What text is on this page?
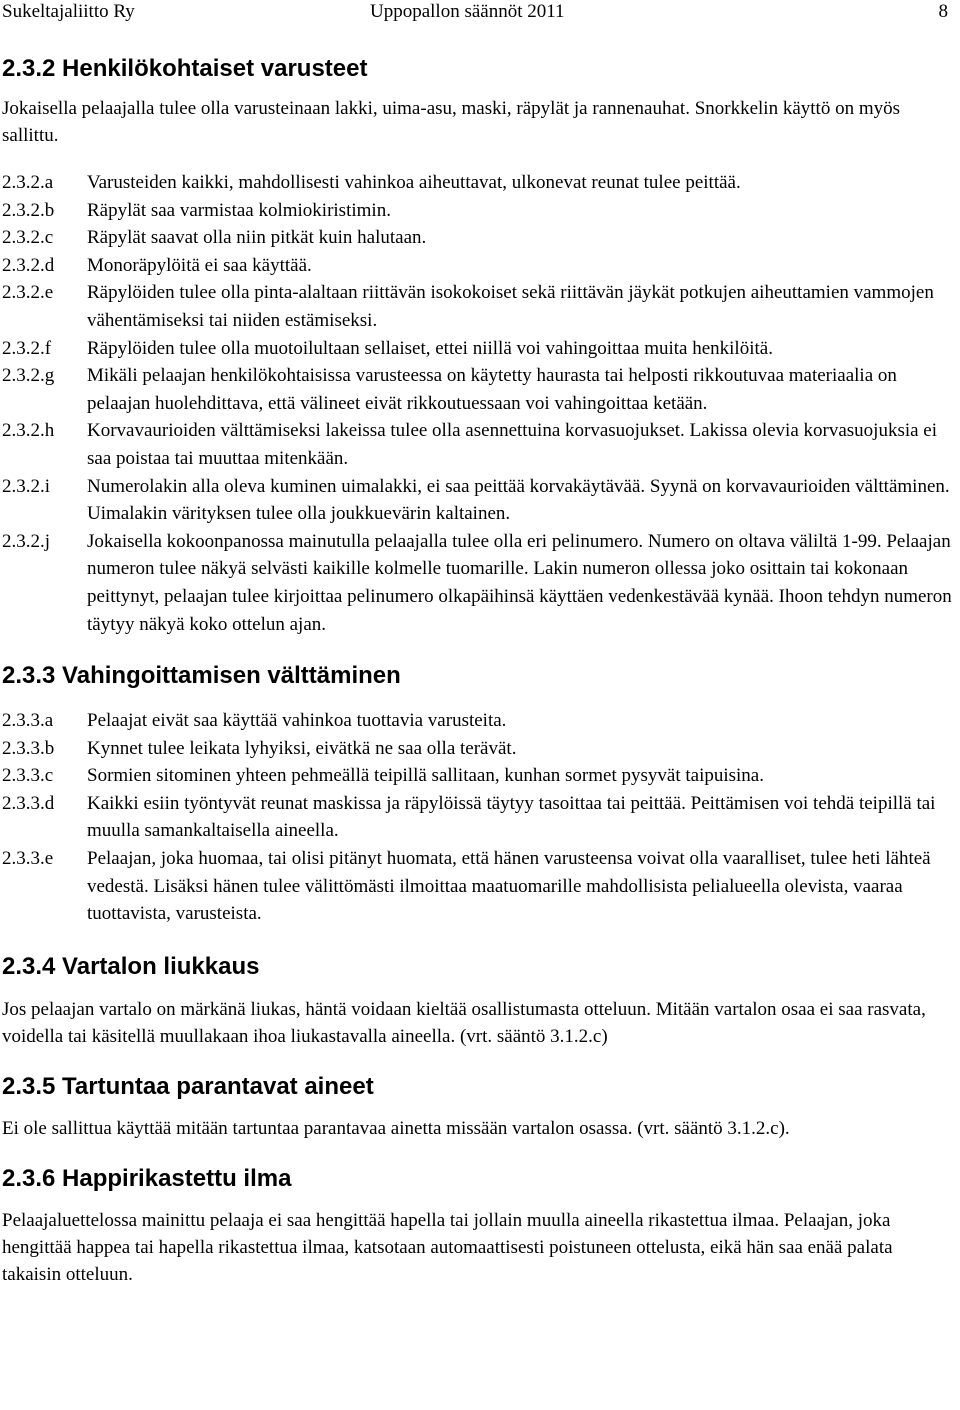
Sukeltajaliitto Ry	Uppopallon säännöt 2011	8
2.3.2 Henkilökohtaiset varusteet

Jokaisella pelaajalla tulee olla varusteinaan lakki, uima-asu, maski, räpylät ja rannenauhat. Snorkkelin käyttö on myös sallittu.

2.3.2.a	Varusteiden kaikki, mahdollisesti vahinkoa aiheuttavat, ulkonevat reunat tulee peittää.
2.3.2.b	Räpylät saa varmistaa kolmiokiristimin.
2.3.2.c	Räpylät saavat olla niin pitkät kuin halutaan.
2.3.2.d	Monoräpylöitä ei saa käyttää.
2.3.2.e	Räpylöiden tulee olla pinta-alaltaan riittävän isokokoiset sekä riittävän jäykät potkujen aiheuttamien vammojen vähentämiseksi tai niiden estämiseksi.
2.3.2.f	Räpylöiden tulee olla muotoilultaan sellaiset, ettei niillä voi vahingoittaa muita henkilöitä.
2.3.2.g	Mikäli pelaajan henkilökohtaisissa varusteessa on käytetty haurasta tai helposti rikkoutuvaa materiaalia on pelaajan huolehdittava, että välineet eivät rikkoutuessaan voi vahingoittaa ketään.
2.3.2.h	Korvavaurioiden välttämiseksi lakeissa tulee olla asennettuina korvasuojukset. Lakissa olevia korvasuojuksia ei saa poistaa tai muuttaa mitenkään.
2.3.2.i	Numerolakin alla oleva kuminen uimalakki, ei saa peittää korvakäytävää. Syynä on korvavaurioiden välttäminen. Uimalakin värityksen tulee olla joukkuevärin kaltainen.
2.3.2.j	Jokaisella kokoonpanossa mainutulla pelaajalla tulee olla eri pelinumero. Numero on oltava väliltä 1-99. Pelaajan numeron tulee näkyä selvästi kaikille kolmelle tuomarille. Lakin numeron ollessa joko osittain tai kokonaan peittynyt, pelaajan tulee kirjoittaa pelinumero olkapäihinsä käyttäen vedenkestävää kynää. Ihoon tehdyn numeron täytyy näkyä koko ottelun ajan.
2.3.3 Vahingoittamisen välttäminen
2.3.3.a	Pelaajat eivät saa käyttää vahinkoa tuottavia varusteita.
2.3.3.b	Kynnet tulee leikata lyhyiksi, eivätkä ne saa olla terävät.
2.3.3.c	Sormien sitominen yhteen pehmeällä teipillä sallitaan, kunhan sormet pysyvät taipuisina.
2.3.3.d	Kaikki esiin työntyvät reunat maskissa ja räpylöissä täytyy tasoittaa tai peittää. Peittämisen voi tehdä teipillä tai muulla samankaltaisella aineella.
2.3.3.e	Pelaajan, joka huomaa, tai olisi pitänyt huomata, että hänen varusteensa voivat olla vaaralliset, tulee heti lähteä vedestä. Lisäksi hänen tulee välittömästi ilmoittaa maatuomarille mahdollisista pelialueella olevista, vaaraa tuottavista, varusteista.
2.3.4 Vartalon liukkaus

Jos pelaajan vartalo on märkänä liukas, häntä voidaan kieltää osallistumasta otteluun. Mitään vartalon osaa ei saa rasvata, voidella tai käsitellä muullakaan ihoa liukastavalla aineella. (vrt. sääntö 3.1.2.c)

2.3.5 Tartuntaa parantavat aineet

Ei ole sallittua käyttää mitään tartuntaa parantavaa ainetta missään vartalon osassa. (vrt. sääntö 3.1.2.c).

2.3.6 Happirikastettu ilma

Pelaajaluettelossa mainittu pelaaja ei saa hengittää hapella tai jollain muulla aineella rikastettua ilmaa. Pelaajan, joka hengittää happea tai hapella rikastettua ilmaa, katsotaan automaattisesti poistuneen ottelusta, eikä hän saa enää palata takaisin otteluun.
